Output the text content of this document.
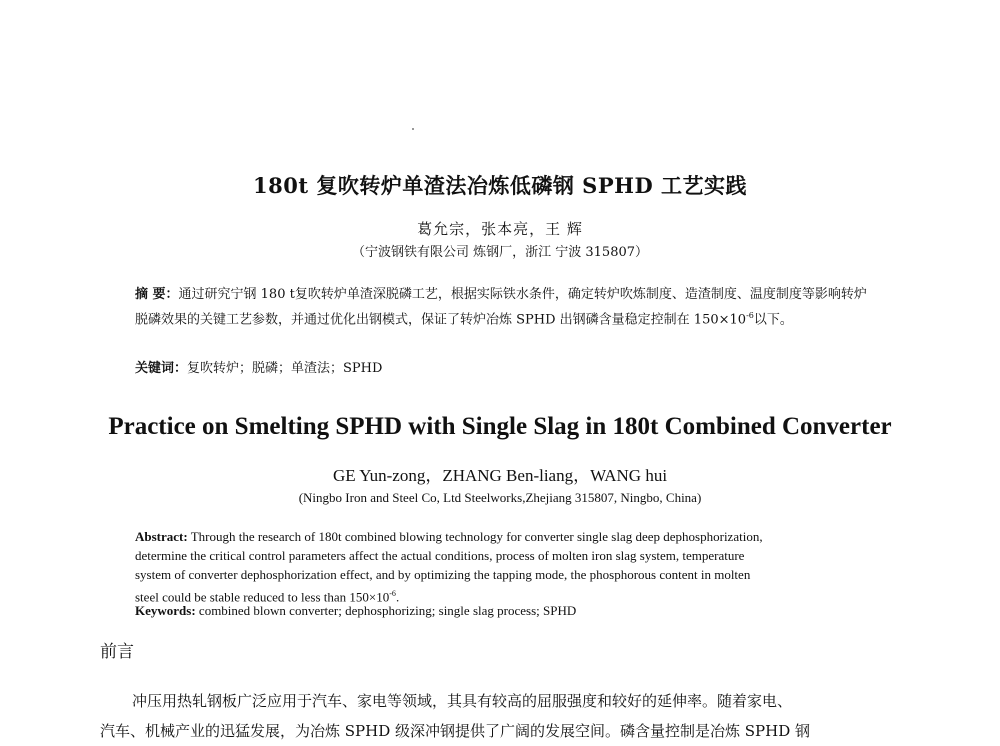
180t 复吹转炉单渣法冶炼低磷钢 SPHD 工艺实践
葛允宗，张本亮，王 辉
（宁波钢铁有限公司 炼钢厂，浙江 宁波 315807）
摘 要：通过研究宁钢 180 t复吹转炉单渣深脱磷工艺，根据实际铁水条件，确定转炉吹炼制度、造渣制度、温度制度等影响转炉脱磷效果的关键工艺参数，并通过优化出钢模式，保证了转炉冶炼 SPHD 出钢磷含量稳定控制在 $150\times 10^{-6}$以下。
关键词：复吹转炉；脱磷；单渣法；SPHD
Practice on Smelting SPHD with Single Slag in 180t Combined Converter
GE Yun-zong，ZHANG Ben-liang，WANG hui
(Ningbo Iron and Steel Co, Ltd Steelworks,Zhejiang 315807, Ningbo, China)
Abstract: Through the research of 180t combined blowing technology for converter single slag deep dephosphorization,
determine the critical control parameters affect the actual conditions, process of molten iron slag system, temperature
system of converter dephosphorization effect, and by optimizing the tapping mode, the phosphorous content in molten
steel could be stable reduced to less than $150\times 10^{-6}$.
Keywords: combined blown converter; dephosphorizing; single slag process; SPHD
前言
冲压用热轧钢板广泛应用于汽车、家电等领域，其具有较高的屈服强度和较好的延伸率。随着家电、
汽车、机械产业的迅猛发展，为冶炼 SPHD 级深冲钢提供了广阔的发展空间。磷含量控制是冶炼 SPHD 钢
